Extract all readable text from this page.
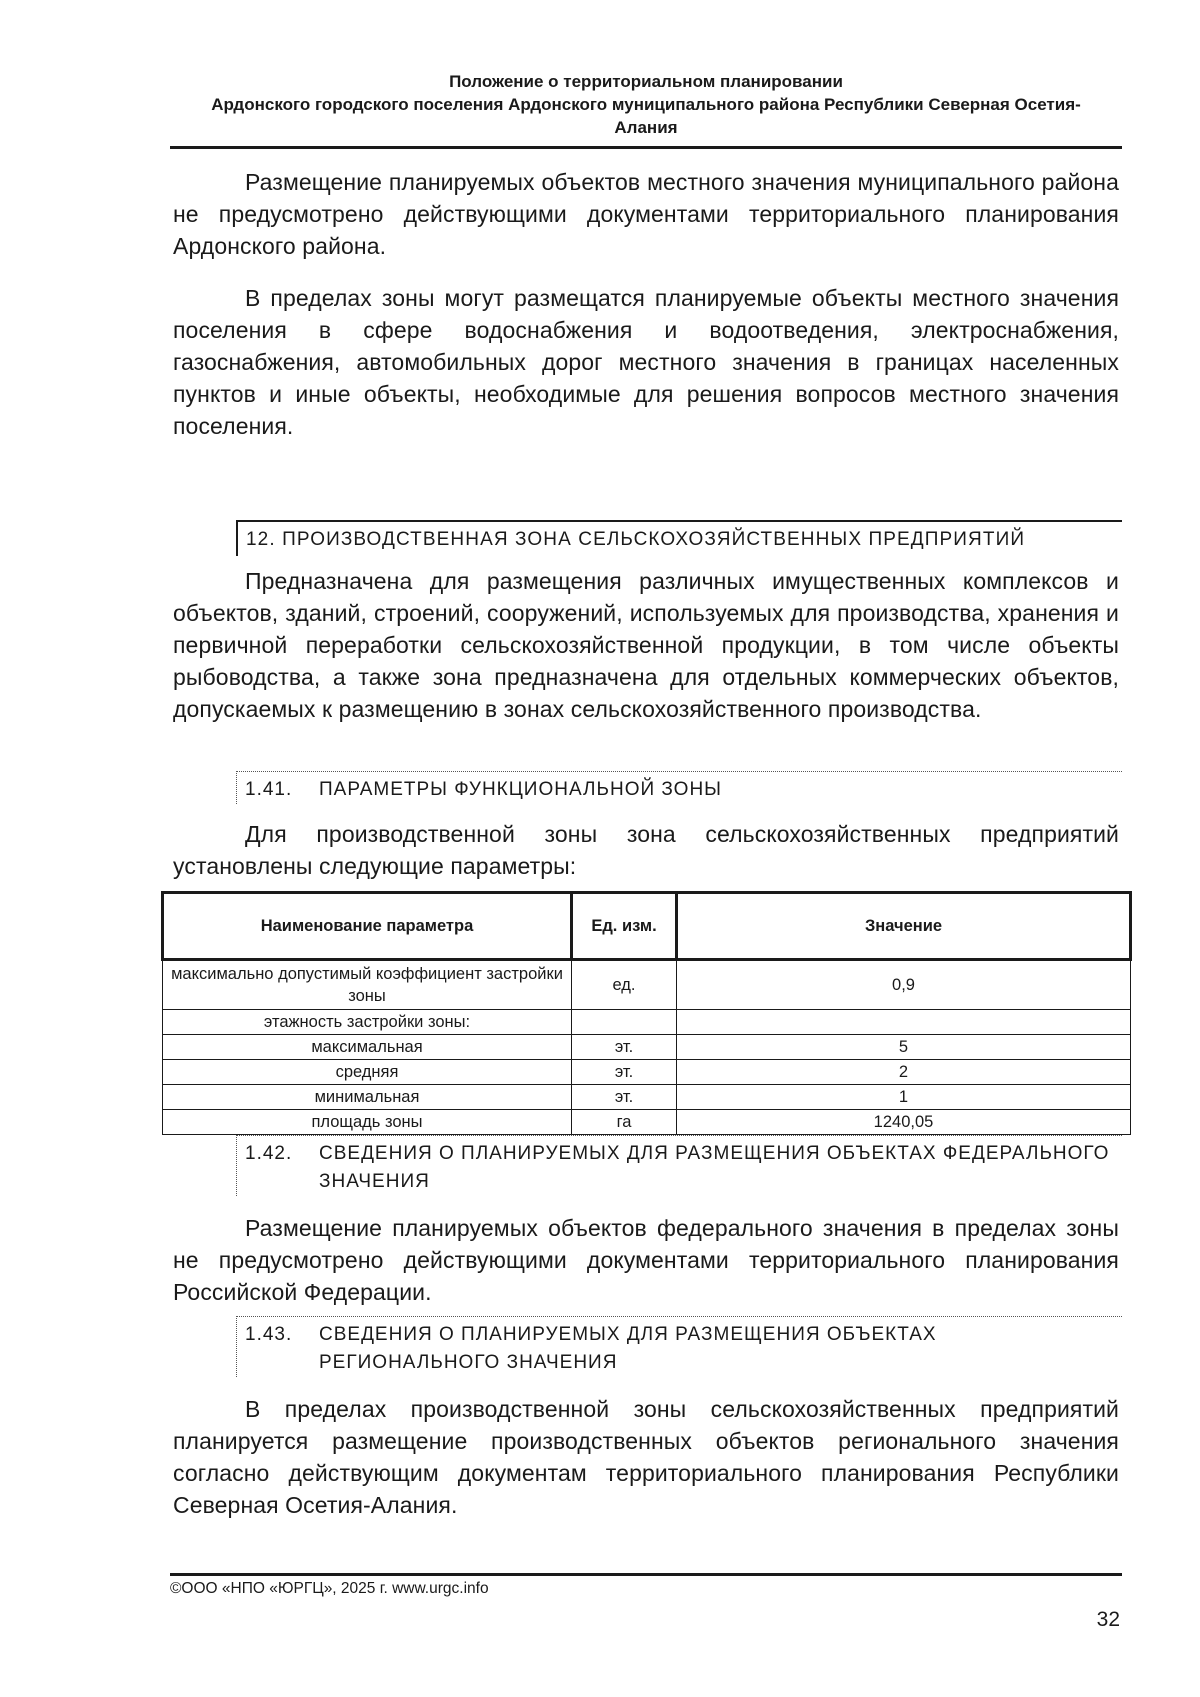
Положение о территориальном планировании
Ардонского городского поселения Ардонского муниципального района Республики Северная Осетия-
Алания

Размещение планируемых объектов местного значения муниципального района не предусмотрено действующими документами территориального планирования Ардонского района.

В пределах зоны могут размещатся планируемые объекты местного значения поселения в сфере водоснабжения и водоотведения, электроснабжения, газоснабжения, автомобильных дорог местного значения в границах населенных пунктов и иные объекты, необходимые для решения вопросов местного значения поселения.

12. ПРОИЗВОДСТВЕННАЯ ЗОНА СЕЛЬСКОХОЗЯЙСТВЕННЫХ ПРЕДПРИЯТИЙ

Предназначена для размещения различных имущественных комплексов и объектов, зданий, строений, сооружений, используемых для производства, хранения и первичной переработки сельскохозяйственной продукции, в том числе объекты рыбоводства, а также зона предназначена для отдельных коммерческих объектов, допускаемых к размещению в зонах сельскохозяйственного производства.

1.41.	ПАРАМЕТРЫ ФУНКЦИОНАЛЬНОЙ ЗОНЫ

Для производственной зоны зона сельскохозяйственных предприятий установлены следующие параметры:

Наименование параметра	Ед. изм.	Значение
максимально допустимый коэффициент застройки зоны	ед.	0,9
этажность застройки зоны:		
максимальная	эт.	5
средняя	эт.	2
минимальная	эт.	1
площадь зоны	га	1240,05
1.42.	СВЕДЕНИЯ О ПЛАНИРУЕМЫХ ДЛЯ РАЗМЕЩЕНИЯ ОБЪЕКТАХ ФЕДЕРАЛЬНОГО ЗНАЧЕНИЯ

Размещение планируемых объектов федерального значения в пределах зоны не предусмотрено действующими документами территориального планирования Российской Федерации.

1.43.	СВЕДЕНИЯ О ПЛАНИРУЕМЫХ ДЛЯ РАЗМЕЩЕНИЯ ОБЪЕКТАХ РЕГИОНАЛЬНОГО ЗНАЧЕНИЯ

В пределах производственной зоны сельскохозяйственных предприятий планируется размещение производственных объектов регионального значения согласно действующим документам территориального планирования Республики Северная Осетия-Алания.

©ООО «НПО «ЮРГЦ», 2025 г. www.urgc.info
32
